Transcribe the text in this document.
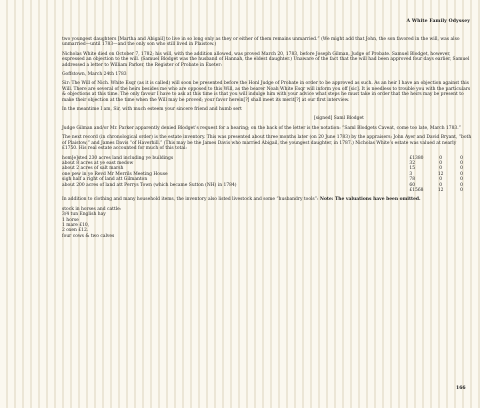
A White Family Odyssey

two youngest daughters [Martha and Abigail] to live in so long only as they or either of them remains unmarried.” (We might add that John, the son favored in the will, was also unmarried—until 1783—and the only son who still lived in Plaistow.)

Nicholas White died on October 7, 1782; his will, with the addition allowed, was proved March 20, 1783, before Joseph Gilman, Judge of Probate. Samuel Blodget, however, expressed an objection to the will. (Samuel Blodget was the husband of Hannah, the eldest daughter.) Unaware of the fact that the will had been approved four days earlier, Samuel addressed a letter to William Parker, the Register of Probate in Exeter:

Goffstown, March 24th 1783

Sir: The Will of Nich. White Esqr (as it is called) will soon be presented before the Honl Judge of Probate in order to be approved as such. As an heir I have an objection against this Will. There are several of the heirs besides me who are opposed to this Will, as the bearer Noah White Esqr will inform you off [sic]. It is needless to trouble you with the particulars & objections at this time. The only favour I have to ask at this time is that you will indulge him with your advice what steps he must take in order that the heirs may be present to make their objection at the time when the Will may be proved; your favor herein[?] shall meet its merit[?] at our first interview.

In the meantime I am, Sir, with much esteem your sincere friend and humb sert

[signed] Saml Blodget

Judge Gilman and/or Mr. Parker apparently denied Blodget’s request for a hearing; on the back of the letter is the notation: “Saml Blodgets Caveat, come too late, March 1783.”

The next record (in chronological order) is the estate inventory. This was presented about three months later (on 20 June 1783) by the appraisers: John Ayer and David Bryant, “both of Plaistow,” and James Davis “of Haverhill.” (This may be the James Davis who married Abigail, the youngest daughter, in 1787.) Nicholas White’s estate was valued at nearly £1750. His real estate accounted for much of this total:

hom[e]sted 230 acres land including ye buildings	£1380	0	0
about 8 acres at ye east medow	32	0	0
about 2 acres of salt marsh	15	0	0
one pew in ye Revd Mr Merrils Meeting House	3	12	0
sigh half a right of land att Gilmanton	78	0	0
about 200 acres of land att Perrys Town (which became Sutton (NH) in 1784)	60	0	0
	£1568	12	0

In addition to clothing and many household items, the inventory also listed livestock and some “husbandry tools”: Note: The valuations have been omitted.

stock in horses and cattle:
3/4 tun English hay
1 horse
1 mare £10,
2 oxen £12.
four cows & two calves
166
